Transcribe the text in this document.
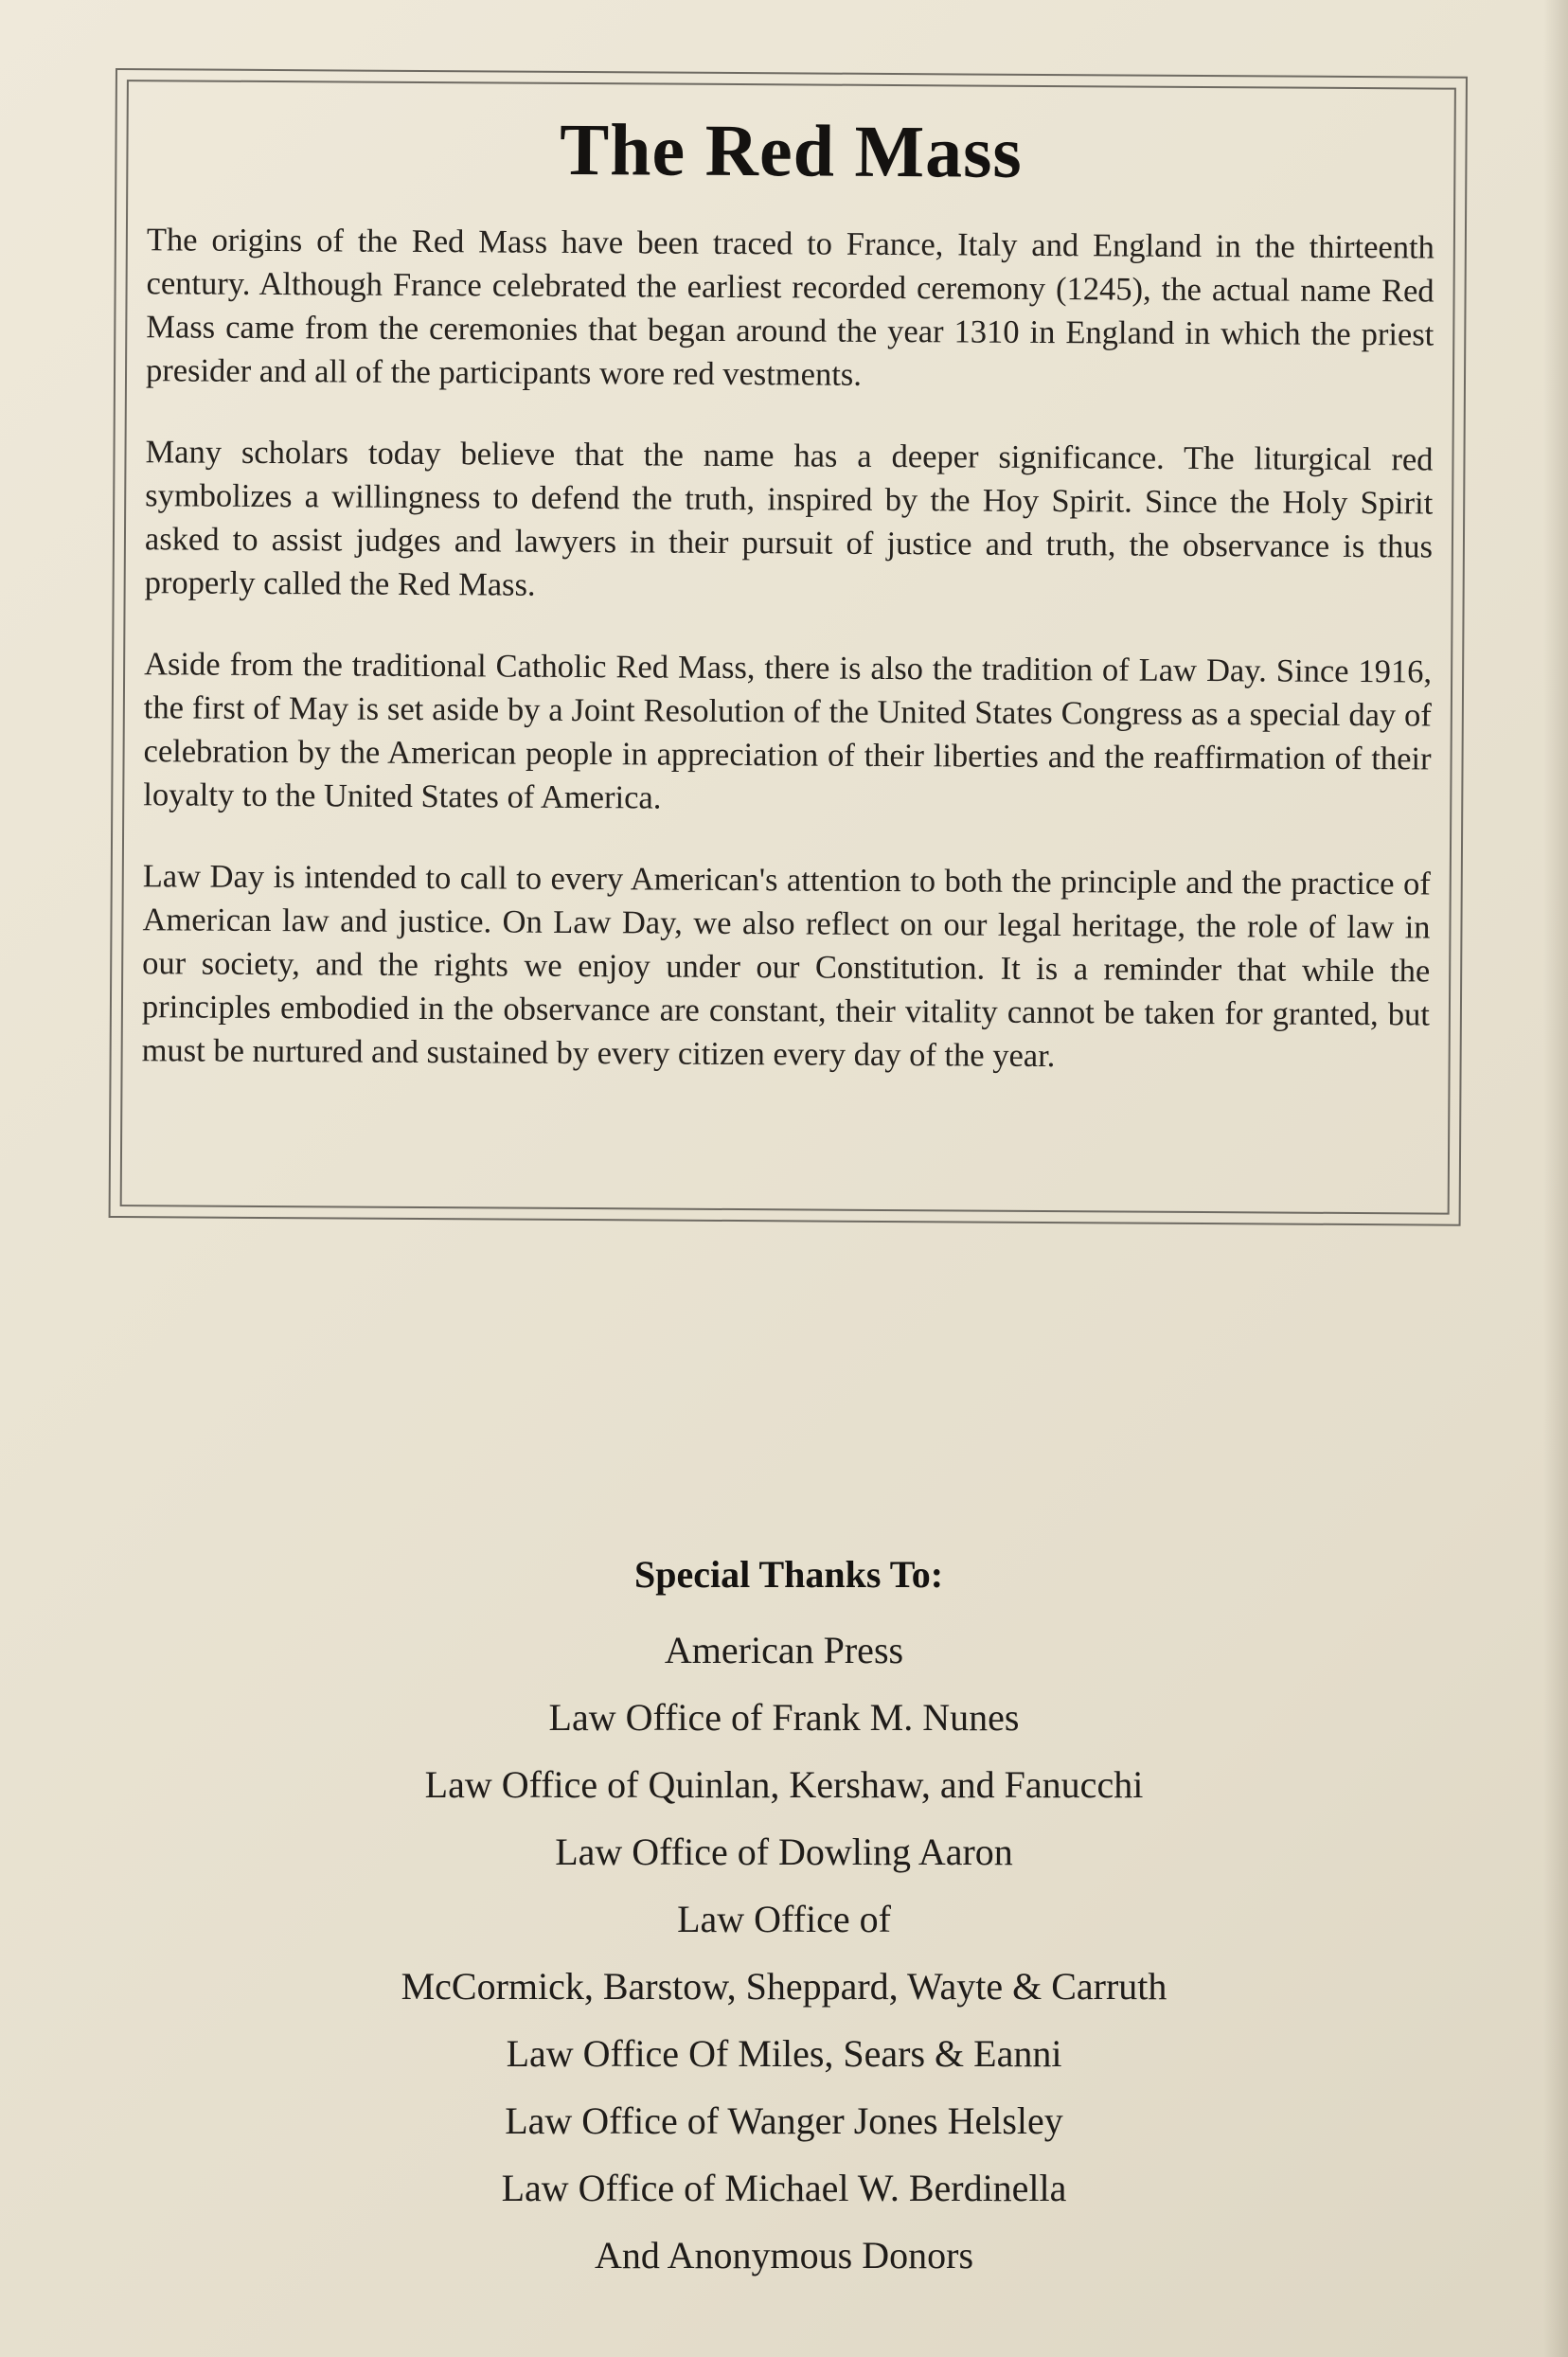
The Red Mass

The origins of the Red Mass have been traced to France, Italy and England in the thirteenth century. Although France celebrated the earliest recorded ceremony (1245), the actual name Red Mass came from the ceremonies that began around the year 1310 in England in which the priest presider and all of the participants wore red vestments.

Many scholars today believe that the name has a deeper significance. The liturgical red symbolizes a willingness to defend the truth, inspired by the Hoy Spirit. Since the Holy Spirit asked to assist judges and lawyers in their pursuit of justice and truth, the observance is thus properly called the Red Mass.

Aside from the traditional Catholic Red Mass, there is also the tradition of Law Day. Since 1916, the first of May is set aside by a Joint Resolution of the United States Congress as a special day of celebration by the American people in appreciation of their liberties and the reaffirmation of their loyalty to the United States of America.

Law Day is intended to call to every American's attention to both the principle and the practice of American law and justice. On Law Day, we also reflect on our legal heritage, the role of law in our society, and the rights we enjoy under our Constitution. It is a reminder that while the principles embodied in the observance are constant, their vitality cannot be taken for granted, but must be nurtured and sustained by every citizen every day of the year.

Special Thanks To:

American Press

Law Office of Frank M. Nunes

Law Office of Quinlan, Kershaw, and Fanucchi

Law Office of Dowling Aaron

Law Office of

McCormick, Barstow, Sheppard, Wayte & Carruth

Law Office Of Miles, Sears & Eanni

Law Office of Wanger Jones Helsley

Law Office of Michael W. Berdinella

And Anonymous Donors
